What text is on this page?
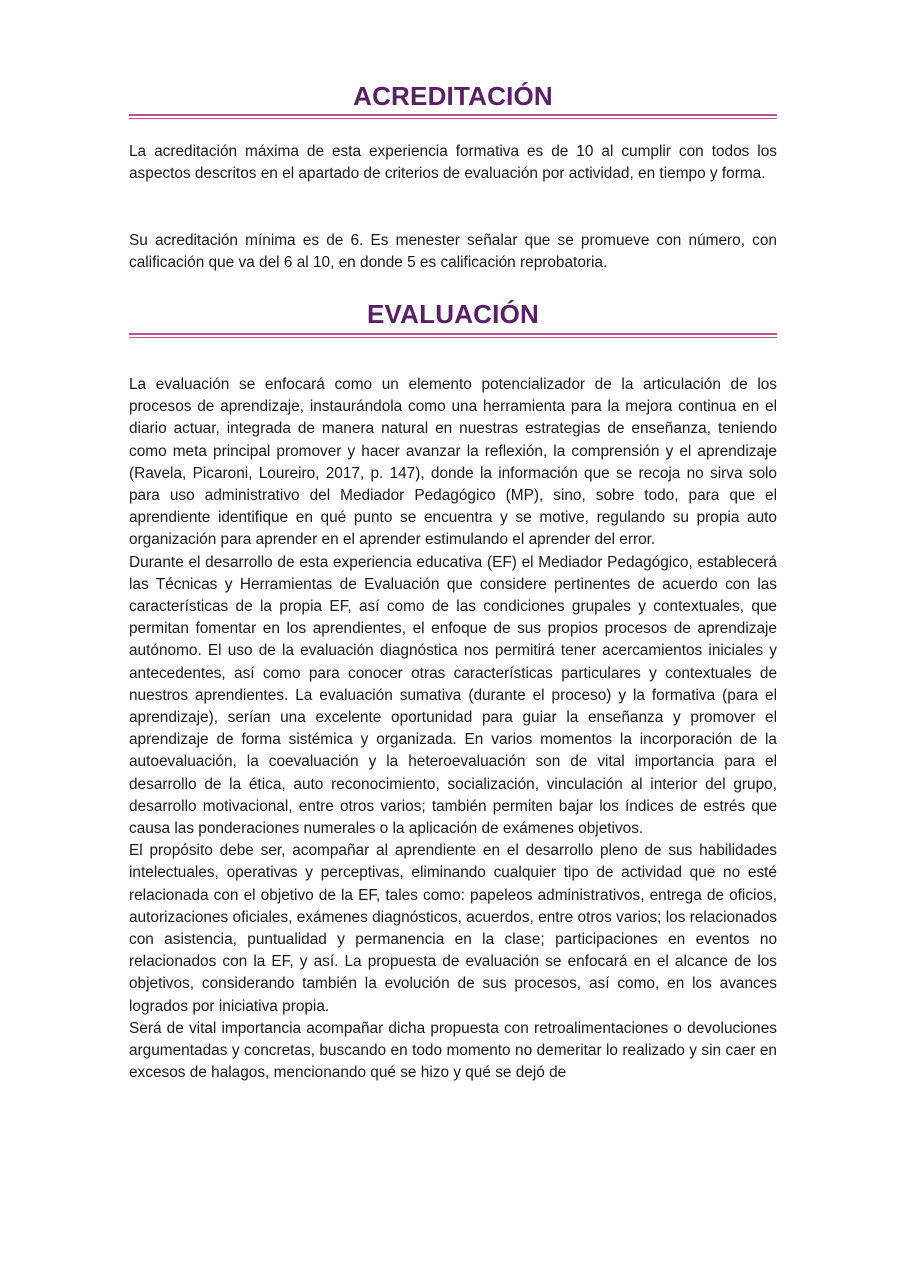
ACREDITACIÓN

La acreditación máxima de esta experiencia formativa es de 10 al cumplir con todos los aspectos descritos en el apartado de criterios de evaluación por actividad, en tiempo y forma.

Su acreditación mínima es de 6. Es menester señalar que se promueve con número, con calificación que va del 6 al 10, en donde 5 es calificación reprobatoria.

EVALUACIÓN

La evaluación se enfocará como un elemento potencializador de la articulación de los procesos de aprendizaje, instaurándola como una herramienta para la mejora continua en el diario actuar, integrada de manera natural en nuestras estrategias de enseñanza, teniendo como meta principal promover y hacer avanzar la reflexión, la comprensión y el aprendizaje (Ravela, Picaroni, Loureiro, 2017, p. 147), donde la información que se recoja no sirva solo para uso administrativo del Mediador Pedagógico (MP), sino, sobre todo, para que el aprendiente identifique en qué punto se encuentra y se motive, regulando su propia auto organización para aprender en el aprender estimulando el aprender del error.

Durante el desarrollo de esta experiencia educativa (EF) el Mediador Pedagógico, establecerá las Técnicas y Herramientas de Evaluación que considere pertinentes de acuerdo con las características de la propia EF, así como de las condiciones grupales y contextuales, que permitan fomentar en los aprendientes, el enfoque de sus propios procesos de aprendizaje autónomo. El uso de la evaluación diagnóstica nos permitirá tener acercamientos iniciales y antecedentes, así como para conocer otras características particulares y contextuales de nuestros aprendientes. La evaluación sumativa (durante el proceso) y la formativa (para el aprendizaje), serían una excelente oportunidad para guiar la enseñanza y promover el aprendizaje de forma sistémica y organizada. En varios momentos la incorporación de la autoevaluación, la coevaluación y la heteroevaluación son de vital importancia para el desarrollo de la ética, auto reconocimiento, socialización, vinculación al interior del grupo, desarrollo motivacional, entre otros varios; también permiten bajar los índices de estrés que causa las ponderaciones numerales o la aplicación de exámenes objetivos.

El propósito debe ser, acompañar al aprendiente en el desarrollo pleno de sus habilidades intelectuales, operativas y perceptivas, eliminando cualquier tipo de actividad que no esté relacionada con el objetivo de la EF, tales como: papeleos administrativos, entrega de oficios, autorizaciones oficiales, exámenes diagnósticos, acuerdos, entre otros varios; los relacionados con asistencia, puntualidad y permanencia en la clase; participaciones en eventos no relacionados con la EF, y así. La propuesta de evaluación se enfocará en el alcance de los objetivos, considerando también la evolución de sus procesos, así como, en los avances logrados por iniciativa propia.

Será de vital importancia acompañar dicha propuesta con retroalimentaciones o devoluciones argumentadas y concretas, buscando en todo momento no demeritar lo realizado y sin caer en excesos de halagos, mencionando qué se hizo y qué se dejó de
